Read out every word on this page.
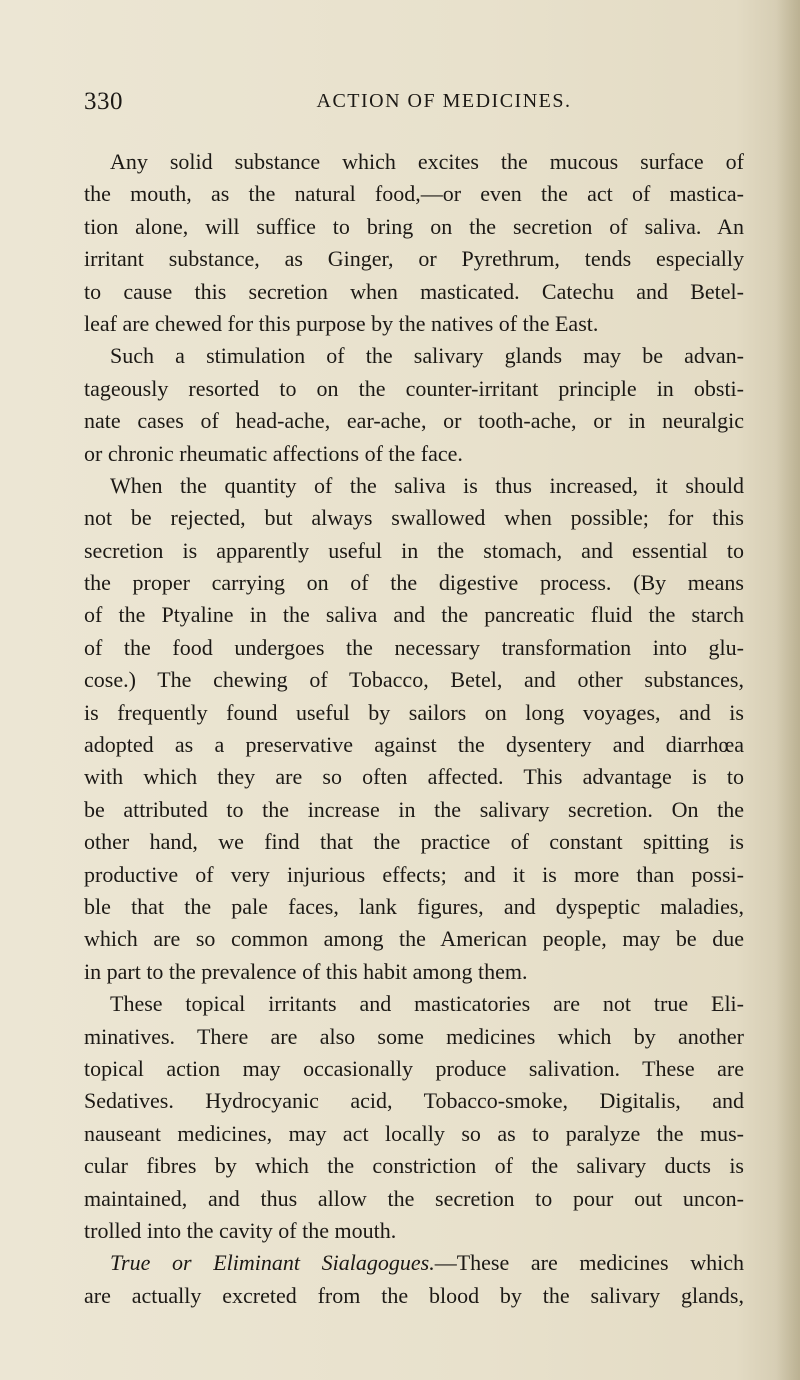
330	ACTION OF MEDICINES.
Any solid substance which excites the mucous surface of
the mouth, as the natural food,—or even the act of mastica-
tion alone, will suffice to bring on the secretion of saliva. An
irritant substance, as Ginger, or Pyrethrum, tends especially
to cause this secretion when masticated. Catechu and Betel-
leaf are chewed for this purpose by the natives of the East.
Such a stimulation of the salivary glands may be advan-
tageously resorted to on the counter-irritant principle in obsti-
nate cases of head-ache, ear-ache, or tooth-ache, or in neuralgic
or chronic rheumatic affections of the face.
When the quantity of the saliva is thus increased, it should
not be rejected, but always swallowed when possible; for this
secretion is apparently useful in the stomach, and essential to
the proper carrying on of the digestive process. (By means
of the Ptyaline in the saliva and the pancreatic fluid the starch
of the food undergoes the necessary transformation into glu-
cose.) The chewing of Tobacco, Betel, and other substances,
is frequently found useful by sailors on long voyages, and is
adopted as a preservative against the dysentery and diarrhœa
with which they are so often affected. This advantage is to
be attributed to the increase in the salivary secretion. On the
other hand, we find that the practice of constant spitting is
productive of very injurious effects; and it is more than possi-
ble that the pale faces, lank figures, and dyspeptic maladies,
which are so common among the American people, may be due
in part to the prevalence of this habit among them.
These topical irritants and masticatories are not true Eli-
minatives. There are also some medicines which by another
topical action may occasionally produce salivation. These are
Sedatives. Hydrocyanic acid, Tobacco-smoke, Digitalis, and
nauseant medicines, may act locally so as to paralyze the mus-
cular fibres by which the constriction of the salivary ducts is
maintained, and thus allow the secretion to pour out uncon-
trolled into the cavity of the mouth.
True or Eliminant Sialagogues.—These are medicines which
are actually excreted from the blood by the salivary glands,
